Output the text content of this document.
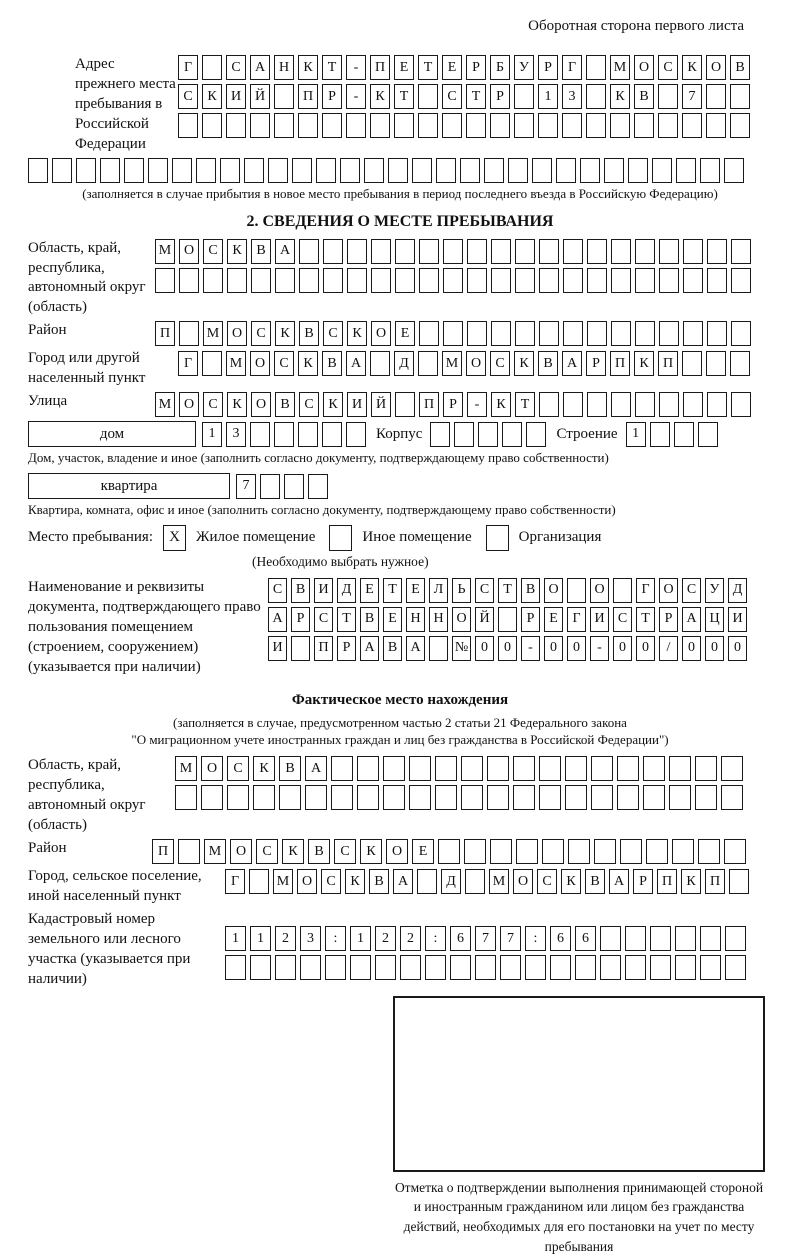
Оборотная сторона первого листа
Адрес прежнего места пребывания в Российской Федерации
Г	С	А Н	К	Т	-	П	Е	Т	Е	Р	Б	У	Р	Г	М О	С	К	О	В
С	К	И Й	П	Р	-	К	Т	С	Т	Р	1	3	К	В	7
(заполняется в случае прибытия в новое место пребывания в период последнего въезда в Российскую Федерацию)
2. СВЕДЕНИЯ О МЕСТЕ ПРЕБЫВАНИЯ
Область, край, республика, автономный округ (область)
М О	С	К	В	А
Район	П	М О	С	К	В	С	К	О	Е
Город или другой населенный пункт
Г	М О	С	К	В	А	Д	М О	С	К	В	А	Р	П	К	П
Улица	М О	С	К	О	В	С	К	И Й	П	Р	-	К	Т
дом	1	3	Корпус	Строение	1
Дом, участок, владение и иное (заполнить согласно документу, подтверждающему право собственности)
квартира	7
Квартира, комната, офис и иное (заполнить согласно документу, подтверждающему право собственности)
Место пребывания:	X	Жилое помещение	Иное помещение	Организация
(Необходимо выбрать нужное)
Наименование и реквизиты документа, подтверждающего право пользования помещением (строением, сооружением) (указывается при наличии)
С В И Д Е	Т	Е Л	Ь	С	Т	В О	О	Г О С У Д
А	Р	С	Т	В	Е Н Н О Й	Р	Е	Г И С	Т	Р	А Ц И
И	П	Р	А В А	№ 0	0	-	0	0	-	0	0	/	0	0	0
Фактическое место нахождения
(заполняется в случае, предусмотренном частью 2 статьи 21 Федерального закона
"О миграционном учете иностранных граждан и лиц без гражданства в Российской Федерации")
Область, край, республика, автономный округ (область)
М	О	С	К	В	А
Район	П	М	О	С	К	В	С	К	О	Е
Город, сельское поселение, иной населенный пункт
Г	М О	С	К	В	А	Д	М О	С	К	В	А	Р	П	К	П
Кадастровый номер земельного или лесного участка (указывается при наличии)
1	1	2	3	:	1	2	2	:	6	7	7	:	6	6
Отметка о подтверждении выполнения принимающей стороной и иностранным гражданином или лицом без гражданства действий, необходимых для его постановки на учет по месту пребывания
